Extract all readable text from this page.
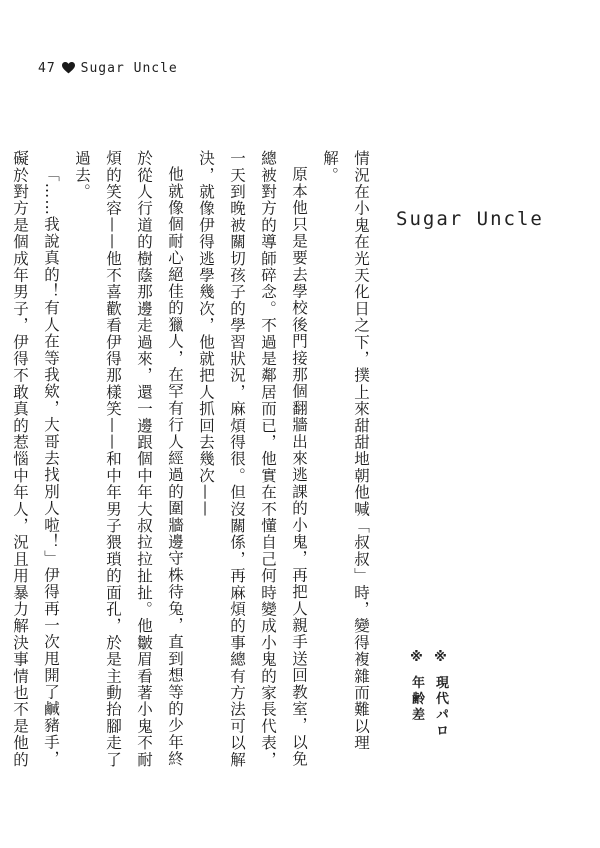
47 Sugar Uncle
Sugar Uncle

情況在小鬼在光天化日之下，撲上來甜甜地朝他喊「叔叔」時，變得複雜而難以理解。

原本他只是要去學校後門接那個翻牆出來逃課的小鬼，再把人親手送回教室，以免總被對方的導師碎念。不過是鄰居而已，他實在不懂自己何時變成小鬼的家長代表，一天到晚被關切孩子的學習狀況，麻煩得很。但沒關係，再麻煩的事總有方法可以解決，就像伊得逃學幾次，他就把人抓回去幾次——

他就像個耐心絕佳的獵人，在罕有行人經過的圍牆邊守株待兔，直到想等的少年終於從人行道的樹蔭那邊走過來，還一邊跟個中年大叔拉拉扯扯。他皺眉看著小鬼不耐煩的笑容——他不喜歡看伊得那樣笑——和中年男子猥瑣的面孔，於是主動抬腳走了過去。

「……我說真的！有人在等我欸，大哥去找別人啦！」伊得再一次甩開了鹹豬手，礙於對方是個成年男子，伊得不敢真的惹惱中年人，況且用暴力解決事情也不是他的

※ 現代パロ
※ 年齢差
